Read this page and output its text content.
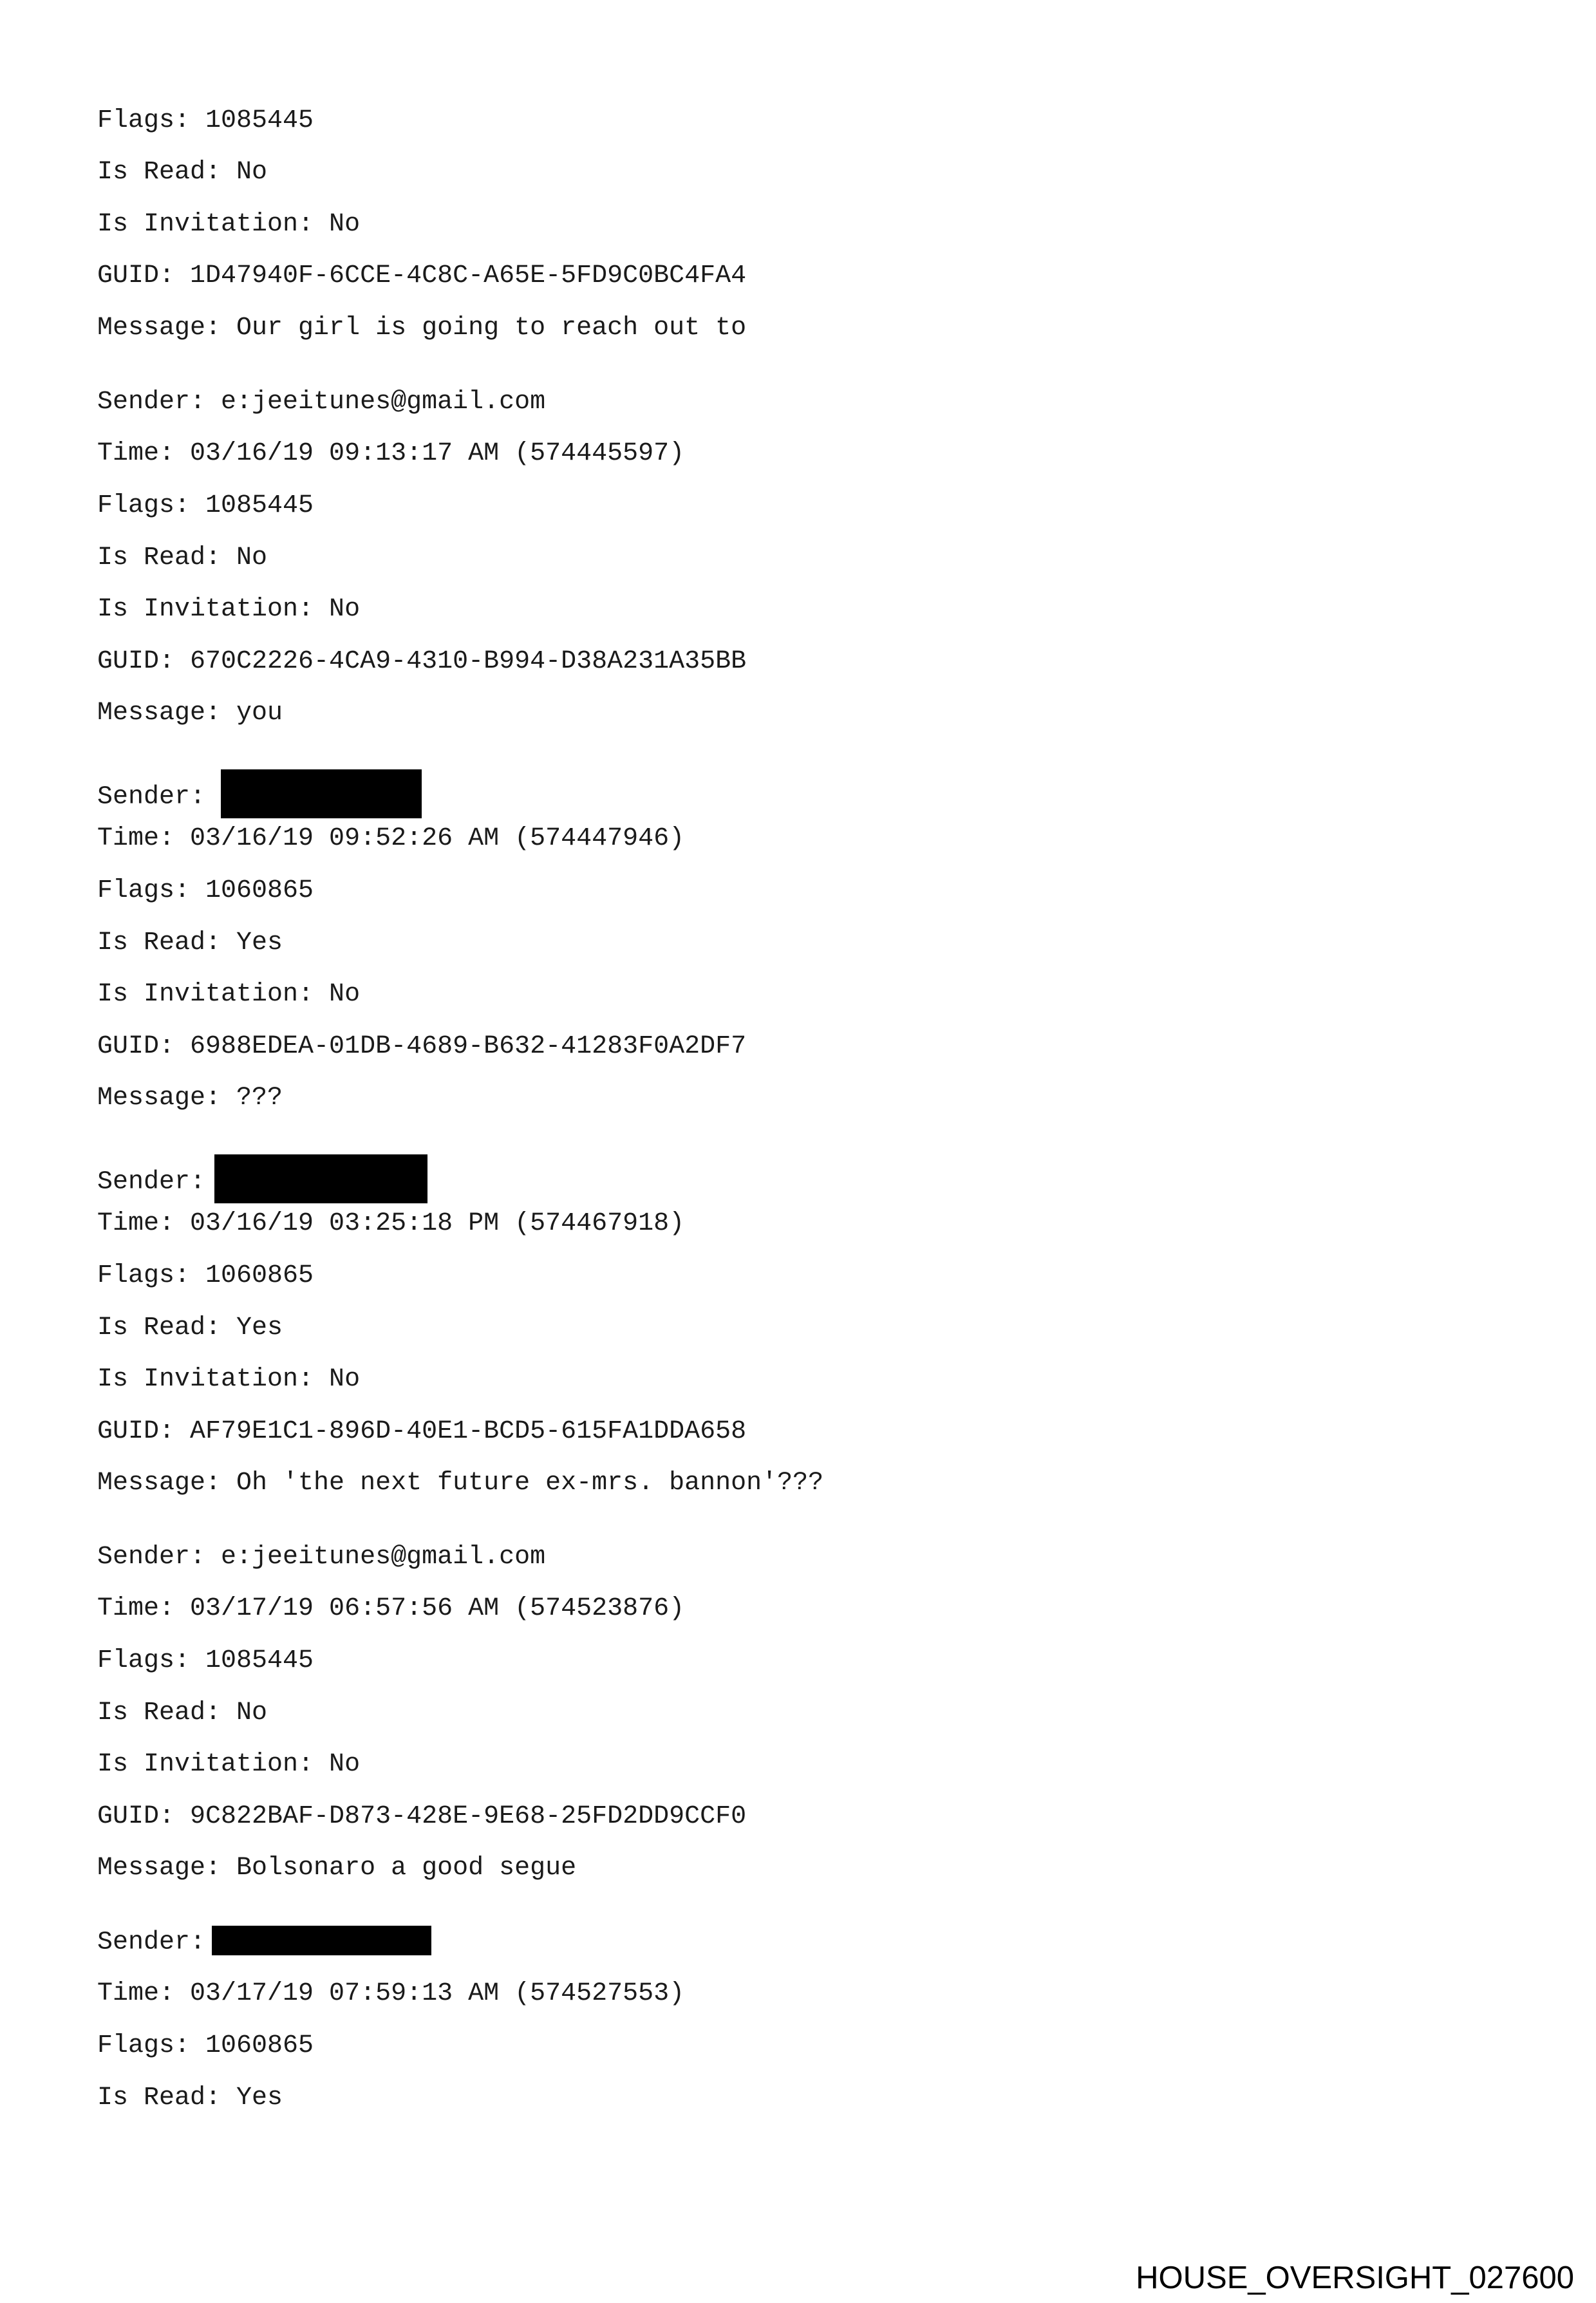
Flags: 1085445
Is Read: No
Is Invitation: No
GUID: 1D47940F-6CCE-4C8C-A65E-5FD9C0BC4FA4
Message: Our girl is going to reach out to
Sender: e:jeeitunes@gmail.com
Time: 03/16/19 09:13:17 AM (574445597)
Flags: 1085445
Is Read: No
Is Invitation: No
GUID: 670C2226-4CA9-4310-B994-D38A231A35BB
Message: you
Sender:
Time: 03/16/19 09:52:26 AM (574447946)
Flags: 1060865
Is Read: Yes
Is Invitation: No
GUID: 6988EDEA-01DB-4689-B632-41283F0A2DF7
Message: ???
Sender:
Time: 03/16/19 03:25:18 PM (574467918)
Flags: 1060865
Is Read: Yes
Is Invitation: No
GUID: AF79E1C1-896D-40E1-BCD5-615FA1DDA658
Message: Oh 'the next future ex-mrs. bannon'???
Sender: e:jeeitunes@gmail.com
Time: 03/17/19 06:57:56 AM (574523876)
Flags: 1085445
Is Read: No
Is Invitation: No
GUID: 9C822BAF-D873-428E-9E68-25FD2DD9CCF0
Message: Bolsonaro a good segue
Sender:
Time: 03/17/19 07:59:13 AM (574527553)
Flags: 1060865
Is Read: Yes
HOUSE_OVERSIGHT_027600
